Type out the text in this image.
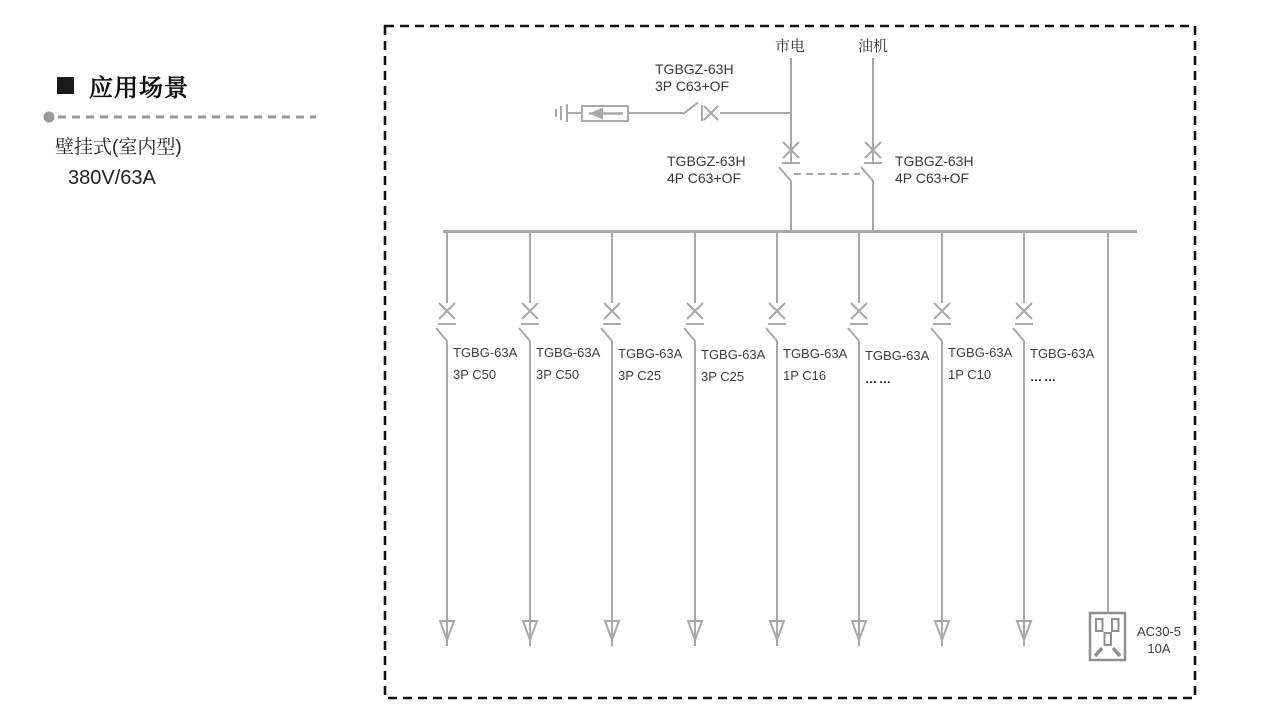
应用场景
壁挂式(室内型)
380V/63A
市电	油机
TGBGZ-63H
3P C63+OF
TGBGZ-63H
4P C63+OF
TGBGZ-63H
4P C63+OF
TGBG-63A
3P C50
TGBG-63A
3P C50
TGBG-63A
3P C25
TGBG-63A
3P C25
TGBG-63A
1P C16
TGBG-63A
……
TGBG-63A
1P C10
TGBG-63A
……
AC30-5
10A
